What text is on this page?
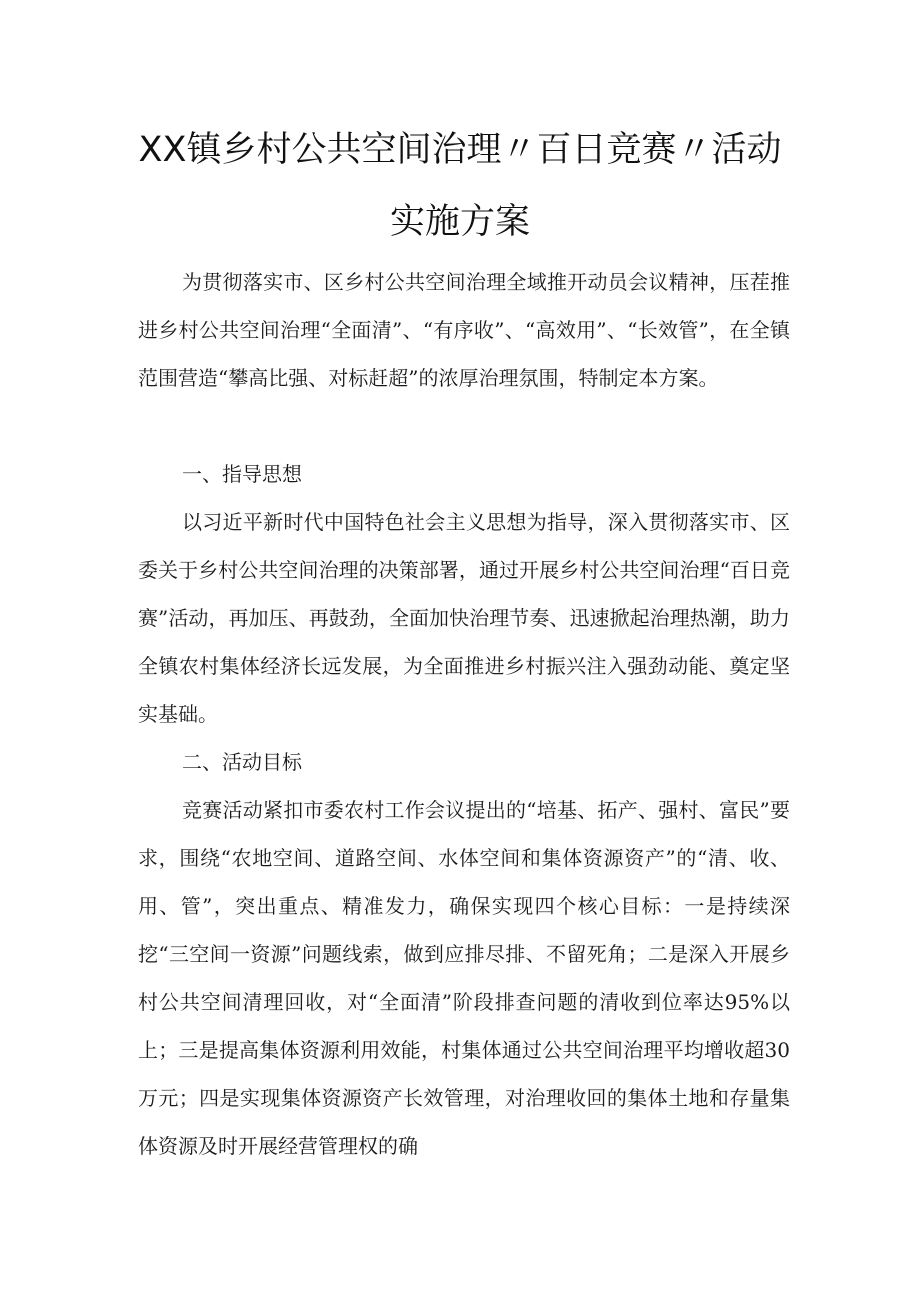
XX镇乡村公共空间治理〃百日竞赛〃活动
实施方案

为贯彻落实市、区乡村公共空间治理全域推开动员会议精神，压茬推进乡村公共空间治理“全面清”、“有序收”、“高效用”、“长效管”，在全镇范围营造“攀高比强、对标赶超”的浓厚治理氛围，特制定本方案。

一、指导思想

以习近平新时代中国特色社会主义思想为指导，深入贯彻落实市、区委关于乡村公共空间治理的决策部署，通过开展乡村公共空间治理“百日竞赛”活动，再加压、再鼓劲，全面加快治理节奏、迅速掀起治理热潮，助力全镇农村集体经济长远发展，为全面推进乡村振兴注入强劲动能、奠定坚实基础。

二、活动目标

竞赛活动紧扣市委农村工作会议提出的“培基、拓产、强村、富民”要求，围绕“农地空间、道路空间、水体空间和集体资源资产”的“清、收、用、管”，突出重点、精准发力，确保实现四个核心目标：一是持续深挖“三空间一资源”问题线索，做到应排尽排、不留死角；二是深入开展乡村公共空间清理回收，对“全面清”阶段排查问题的清收到位率达95%以上；三是提高集体资源利用效能，村集体通过公共空间治理平均增收超30万元；四是实现集体资源资产长效管理，对治理收回的集体土地和存量集体资源及时开展经营管理权的确
